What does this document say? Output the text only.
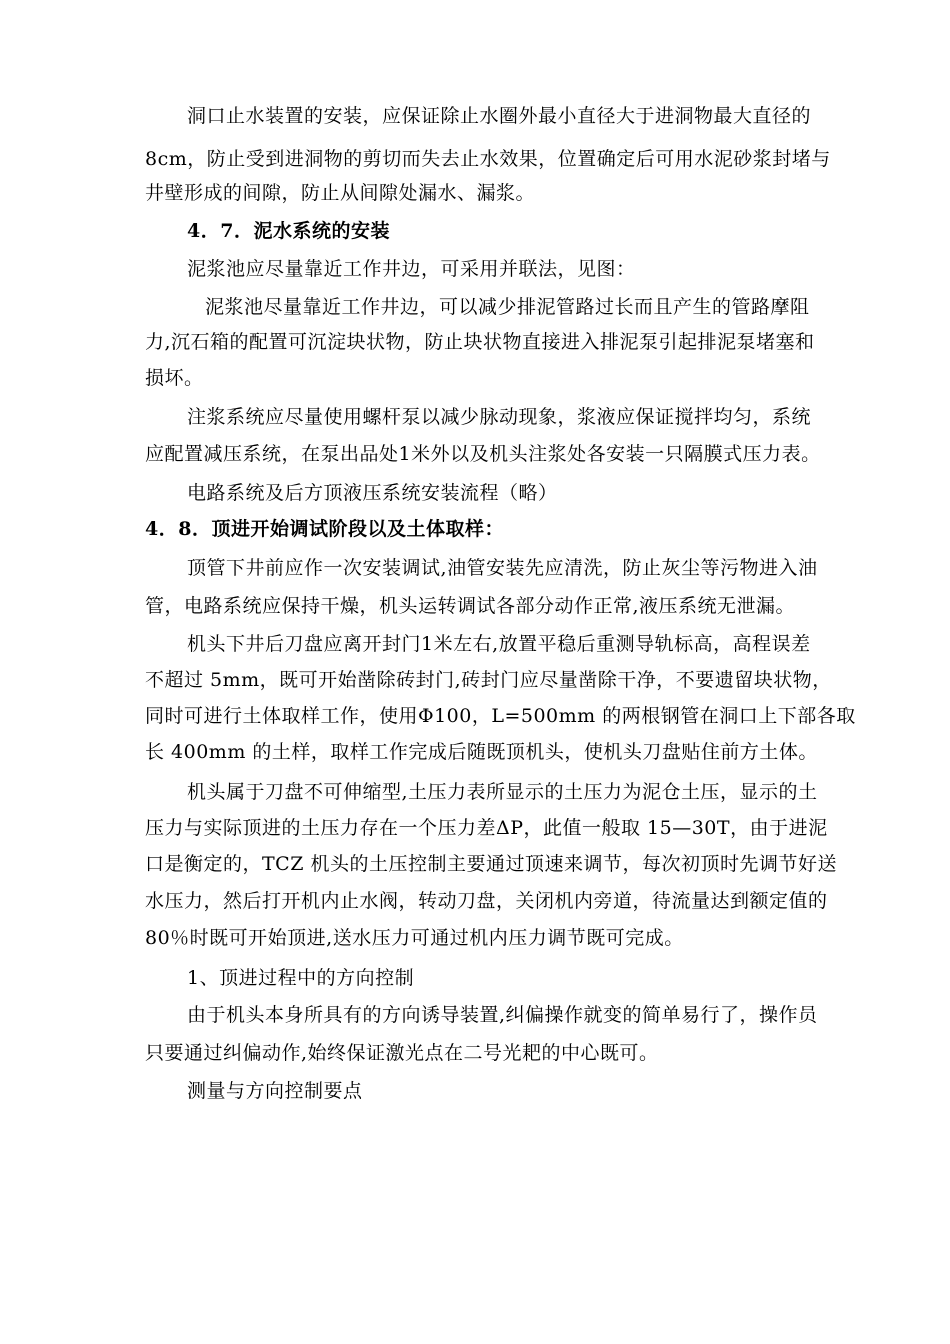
洞口止水装置的安装，应保证除止水圈外最小直径大于进洞物最大直径的
8cm，防止受到进洞物的剪切而失去止水效果，位置确定后可用水泥砂浆封堵与
井壁形成的间隙，防止从间隙处漏水、漏浆。
4．7．泥水系统的安装
泥浆池应尽量靠近工作井边，可采用并联法，见图：
泥浆池尽量靠近工作井边，可以减少排泥管路过长而且产生的管路摩阻
力,沉石箱的配置可沉淀块状物，防止块状物直接进入排泥泵引起排泥泵堵塞和
损坏。
注浆系统应尽量使用螺杆泵以减少脉动现象，浆液应保证搅拌均匀，系统
应配置减压系统，在泵出品处1米外以及机头注浆处各安装一只隔膜式压力表。
电路系统及后方顶液压系统安装流程（略）
4．8．顶进开始调试阶段以及土体取样：
顶管下井前应作一次安装调试,油管安装先应清洗，防止灰尘等污物进入油
管，电路系统应保持干燥，机头运转调试各部分动作正常,液压系统无泄漏。
机头下井后刀盘应离开封门1米左右,放置平稳后重测导轨标高，高程误差
不超过 5mm，既可开始凿除砖封门,砖封门应尽量凿除干净，不要遗留块状物，
同时可进行土体取样工作，使用Φ100，L=500mm 的两根钢管在洞口上下部各取
长 400mm 的土样，取样工作完成后随既顶机头，使机头刀盘贴住前方土体。
机头属于刀盘不可伸缩型,土压力表所显示的土压力为泥仓土压，显示的土
压力与实际顶进的土压力存在一个压力差ΔP，此值一般取 15—30T，由于进泥
口是衡定的，TCZ 机头的土压控制主要通过顶速来调节，每次初顶时先调节好送
水压力，然后打开机内止水阀，转动刀盘，关闭机内旁道，待流量达到额定值的
80％时既可开始顶进,送水压力可通过机内压力调节既可完成。
1、顶进过程中的方向控制
由于机头本身所具有的方向诱导装置,纠偏操作就变的简单易行了，操作员
只要通过纠偏动作,始终保证激光点在二号光耙的中心既可。
测量与方向控制要点
